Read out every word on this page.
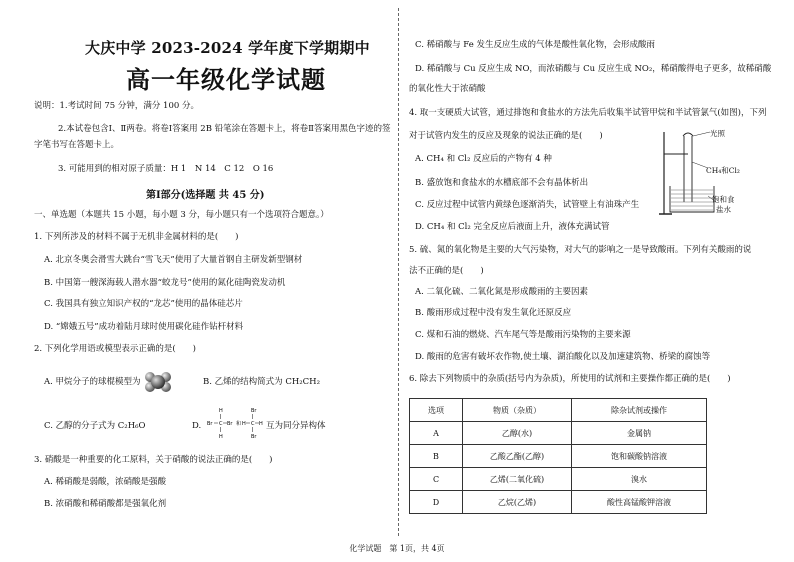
大庆中学 2023-2024 学年度下学期期中
高一年级化学试题
说明：1.考试时间 75 分钟，满分 100 分。
2.本试卷包含Ⅰ、Ⅱ两卷。将卷Ⅰ答案用 2B 铅笔涂在答题卡上，将卷Ⅱ答案用黑色字迹的签
字笔书写在答题卡上。
3. 可能用到的相对原子质量：H 1　N 14　C 12　O 16
第Ⅰ部分(选择题 共 45 分)
一、单选题（本题共 15 小题，每小题 3 分，每小题只有一个选项符合题意。）
1. 下列所涉及的材料不属于无机非金属材料的是(　　)
A. 北京冬奥会滑雪大跳台“雪飞天”使用了大量首钢自主研发新型钢材
B. 中国第一艘深海载人潜水器“蛟龙号”使用的氮化硅陶瓷发动机
C. 我国具有独立知识产权的“龙芯”使用的晶体硅芯片
D. “嫦娥五号”成功着陆月球时使用碳化硅作钻杆材料
2. 下列化学用语或模型表示正确的是(　　)
A. 甲烷分子的球棍模型为	B. 乙烯的结构简式为 CH₂CH₂
C. 乙醇的分子式为 C₂H₆O	D.
H	Br
Br C Br 和 H C H
H	Br
互为同分异构体
3. 硝酸是一种重要的化工原料，关于硝酸的说法正确的是(　　)
A. 稀硝酸是弱酸，浓硝酸是强酸
B. 浓硝酸和稀硝酸都是强氧化剂
C. 稀硝酸与 Fe 发生反应生成的气体是酸性氧化物，会形成酸雨
D. 稀硝酸与 Cu 反应生成 NO，而浓硝酸与 Cu 反应生成 NO₂，稀硝酸得电子更多，故稀硝酸
的氧化性大于浓硝酸
4. 取一支硬质大试管，通过排饱和食盐水的方法先后收集半试管甲烷和半试管氯气(如图)，下列
对于试管内发生的反应及现象的说法正确的是(　　)
A. CH₄ 和 Cl₂ 反应后的产物有 4 种
B. 盛放饱和食盐水的水槽底部不会有晶体析出
C. 反应过程中试管内黄绿色逐渐消失，试管壁上有油珠产生
D. CH₄ 和 Cl₂ 完全反应后液面上升，液体充满试管
光照
CH₄和Cl₂
饱和食
盐水
5. 硫、氮的氧化物是主要的大气污染物，对大气的影响之一是导致酸雨。下列有关酸雨的说
法不正确的是(　　)
A. 二氧化硫、二氧化氮是形成酸雨的主要因素
B. 酸雨形成过程中没有发生氧化还原反应
C. 煤和石油的燃烧、汽车尾气等是酸雨污染物的主要来源
D. 酸雨的危害有破坏农作物,使土壤、湖泊酸化以及加速建筑物、桥梁的腐蚀等
6. 除去下列物质中的杂质(括号内为杂质)，所使用的试剂和主要操作都正确的是(　　)
选项	物质（杂质）	除杂试剂或操作
A	乙醇(水)	金属钠
B	乙酸乙酯(乙醇)	饱和碳酸钠溶液
C	乙烯(二氧化硫)	溴水
D	乙烷(乙烯)	酸性高锰酸钾溶液
化学试题　第 1页，共 4页
